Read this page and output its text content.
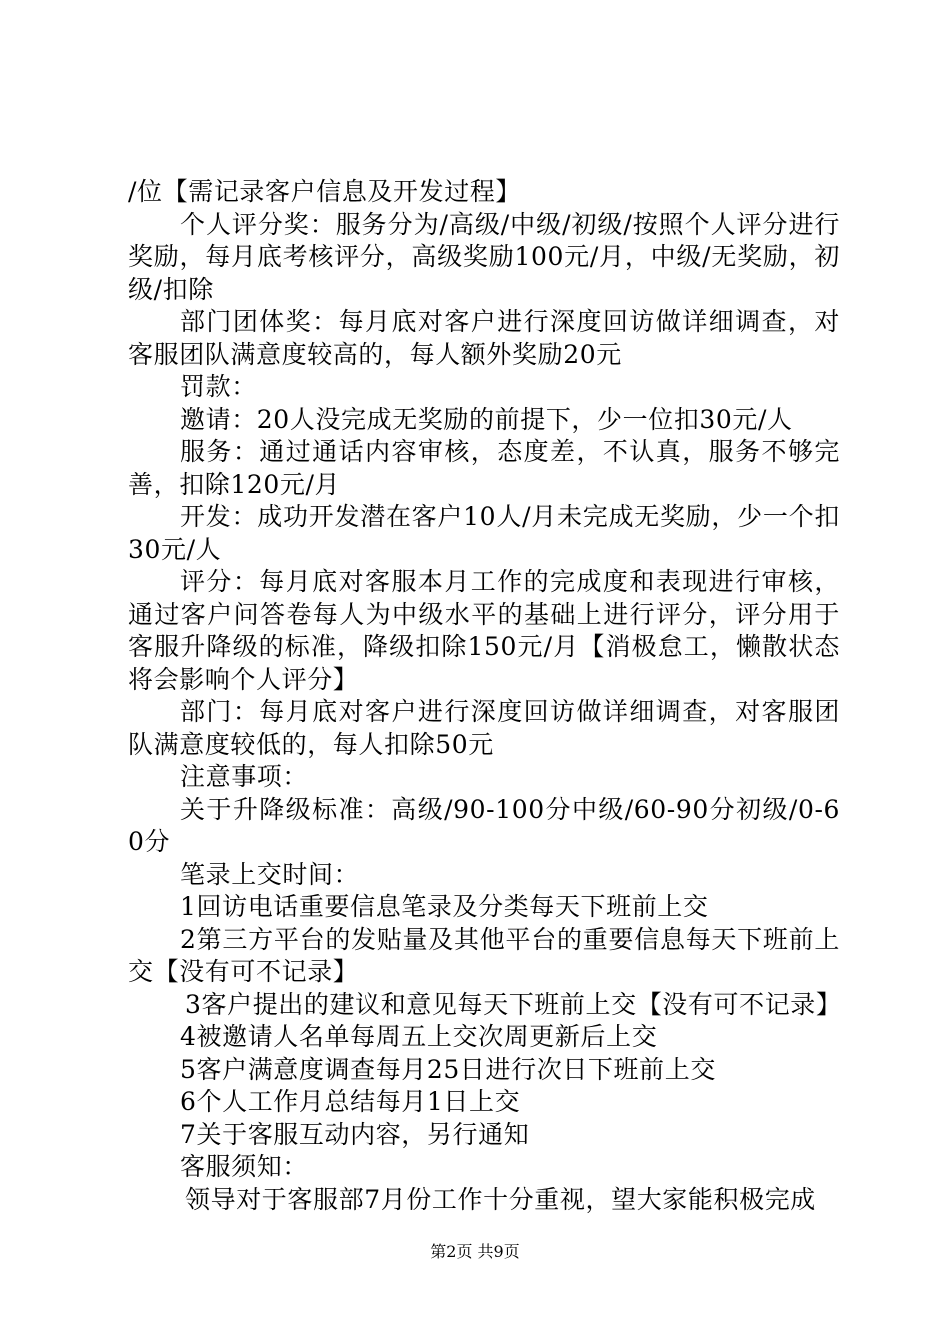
/位【需记录客户信息及开发过程】

个人评分奖：服务分为/高级/中级/初级/按照个人评分进行奖励，每月底考核评分，高级奖励100元/月，中级/无奖励，初级/扣除

部门团体奖：每月底对客户进行深度回访做详细调查，对客服团队满意度较高的，每人额外奖励20元

罚款：

邀请：20人没完成无奖励的前提下，少一位扣30元/人

服务：通过通话内容审核，态度差，不认真，服务不够完善，扣除120元/月

开发：成功开发潜在客户10人/月未完成无奖励，少一个扣30元/人

评分：每月底对客服本月工作的完成度和表现进行审核，通过客户问答卷每人为中级水平的基础上进行评分，评分用于客服升降级的标准，降级扣除150元/月【消极怠工，懒散状态将会影响个人评分】

部门：每月底对客户进行深度回访做详细调查，对客服团队满意度较低的，每人扣除50元

注意事项：

关于升降级标准：高级/90-100分中级/60-90分初级/0-60分

笔录上交时间：

1回访电话重要信息笔录及分类每天下班前上交

2第三方平台的发贴量及其他平台的重要信息每天下班前上交【没有可不记录】

3客户提出的建议和意见每天下班前上交【没有可不记录】

4被邀请人名单每周五上交次周更新后上交

5客户满意度调查每月25日进行次日下班前上交

6个人工作月总结每月1日上交

7关于客服互动内容，另行通知

客服须知：

领导对于客服部7月份工作十分重视，望大家能积极完成

第2页 共9页
